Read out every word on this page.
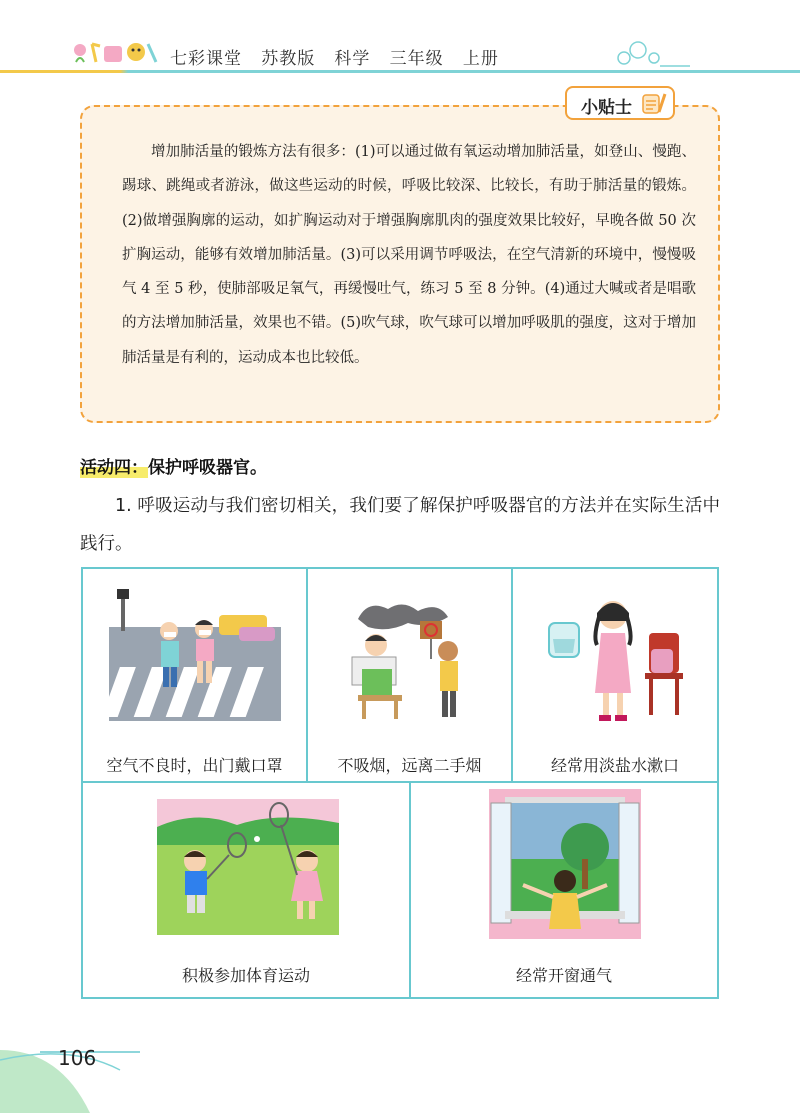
七彩课堂   苏教版   科学   三年级   上册
小贴士
增加肺活量的锻炼方法有很多：(1)可以通过做有氧运动增加肺活量，如登山、慢跑、踢球、跳绳或者游泳，做这些运动的时候，呼吸比较深、比较长，有助于肺活量的锻炼。(2)做增强胸廓的运动，如扩胸运动对于增强胸廓肌肉的强度效果比较好，早晚各做 50 次扩胸运动，能够有效增加肺活量。(3)可以采用调节呼吸法，在空气清新的环境中，慢慢吸气 4 至 5 秒，使肺部吸足氧气，再缓慢吐气，练习 5 至 8 分钟。(4)通过大喊或者是唱歌的方法增加肺活量，效果也不错。(5)吹气球，吹气球可以增加呼吸肌的强度，这对于增加肺活量是有利的，运动成本也比较低。
活动四：保护呼吸器官。
1. 呼吸运动与我们密切相关，我们要了解保护呼吸器官的方法并在实际生活中践行。
空气不良时，出门戴口罩	不吸烟，远离二手烟	经常用淡盐水漱口
积极参加体育运动	经常开窗通气
106
